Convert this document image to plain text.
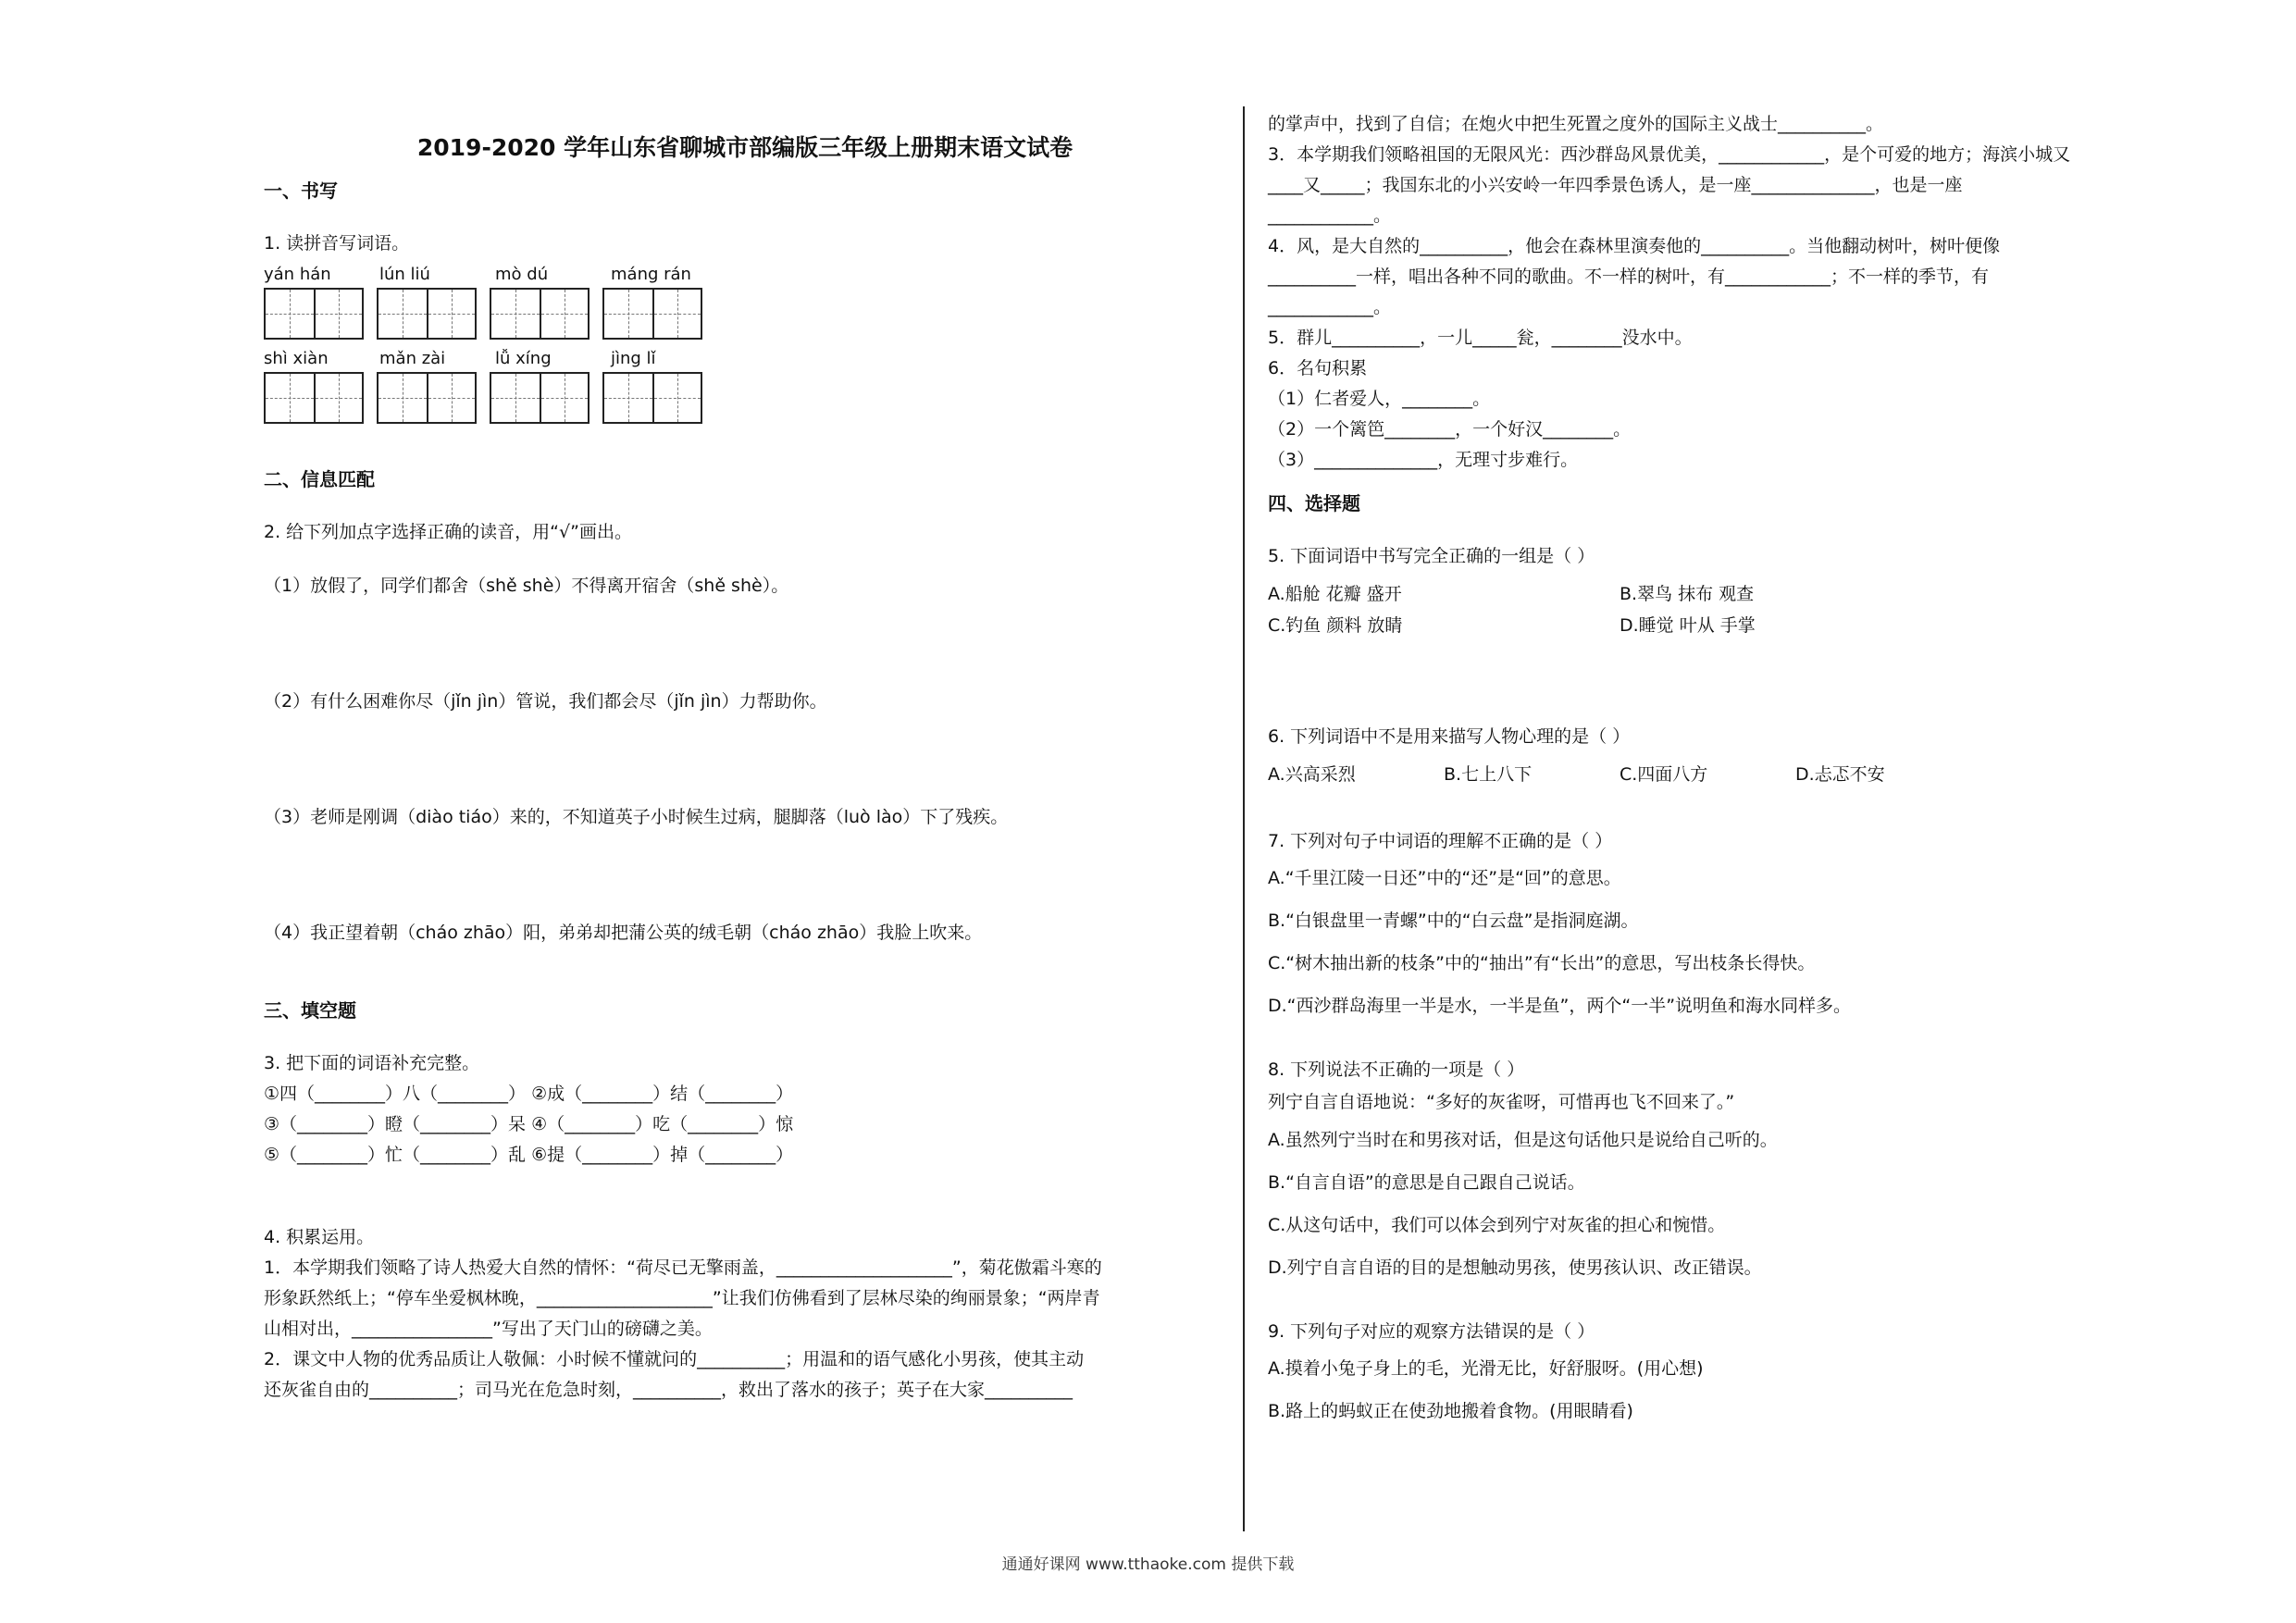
2019-2020 学年山东省聊城市部编版三年级上册期末语文试卷
一、书写

1. 读拼音写词语。

yán hán	lún liú	mò dú	máng rán
shì xiàn	mǎn zài	lǚ xíng	jìng lǐ
二、信息匹配

2. 给下列加点字选择正确的读音，用“√”画出。

（1）放假了，同学们都舍（shě shè）不得离开宿舍（shě shè）。
（2）有什么困难你尽（jǐn jìn）管说，我们都会尽（jǐn jìn）力帮助你。
（3）老师是刚调（diào tiáo）来的，不知道英子小时候生过病，腿脚落（luò lào）下了残疾。
（4）我正望着朝（cháo zhāo）阳，弟弟却把蒲公英的绒毛朝（cháo zhāo）我脸上吹来。
三、填空题

3. 把下面的词语补充完整。

①四（________）八（________） ②成（________）结（________）
③（________）瞪（________）呆 ④（________）吃（________）惊
⑤（________）忙（________）乱 ⑥提（________）掉（________）

4. 积累运用。

1．本学期我们领略了诗人热爱大自然的情怀：“荷尽已无擎雨盖，____________________”，菊花傲霜斗寒的
形象跃然纸上；“停车坐爱枫林晚，____________________”让我们仿佛看到了层林尽染的绚丽景象；“两岸青
山相对出，________________”写出了天门山的磅礴之美。
2．课文中人物的优秀品质让人敬佩：小时候不懂就问的__________；用温和的语气感化小男孩，使其主动
还灰雀自由的__________；司马光在危急时刻，__________，救出了落水的孩子；英子在大家__________
的掌声中，找到了自信；在炮火中把生死置之度外的国际主义战士__________。
3．本学期我们领略祖国的无限风光：西沙群岛风景优美，____________，是个可爱的地方；海滨小城又
____又_____；我国东北的小兴安岭一年四季景色诱人，是一座______________，也是一座
____________。
4．风，是大自然的__________，他会在森林里演奏他的__________。当他翻动树叶，树叶便像
__________一样，唱出各种不同的歌曲。不一样的树叶，有____________；不一样的季节，有
____________。
5．群儿__________，一儿_____瓮，________没水中。
6．名句积累
（1）仁者爱人，________。
（2）一个篱笆________，一个好汉________。
（3）______________，无理寸步难行。
四、选择题

5. 下面词语中书写完全正确的一组是（ ）

A.船舱 花瓣 盛开	B.翠鸟 抹布 观查
C.钓鱼 颜料 放睛	D.睡觉 叶从 手掌

6. 下列词语中不是用来描写人物心理的是（ ）

A.兴高采烈	B.七上八下	C.四面八方	D.忐忑不安

7. 下列对句子中词语的理解不正确的是（ ）

A.“千里江陵一日还”中的“还”是“回”的意思。
B.“白银盘里一青螺”中的“白云盘”是指洞庭湖。
C.“树木抽出新的枝条”中的“抽出”有“长出”的意思，写出枝条长得快。
D.“西沙群岛海里一半是水，一半是鱼”，两个“一半”说明鱼和海水同样多。

8. 下列说法不正确的一项是（ ）

列宁自言自语地说：“多好的灰雀呀，可惜再也飞不回来了。”
A.虽然列宁当时在和男孩对话，但是这句话他只是说给自己听的。
B.“自言自语”的意思是自己跟自己说话。
C.从这句话中，我们可以体会到列宁对灰雀的担心和惋惜。
D.列宁自言自语的目的是想触动男孩，使男孩认识、改正错误。

9. 下列句子对应的观察方法错误的是（ ）

A.摸着小兔子身上的毛，光滑无比，好舒服呀。(用心想)
B.路上的蚂蚁正在使劲地搬着食物。(用眼睛看)
通通好课网 www.tthaoke.com 提供下载
